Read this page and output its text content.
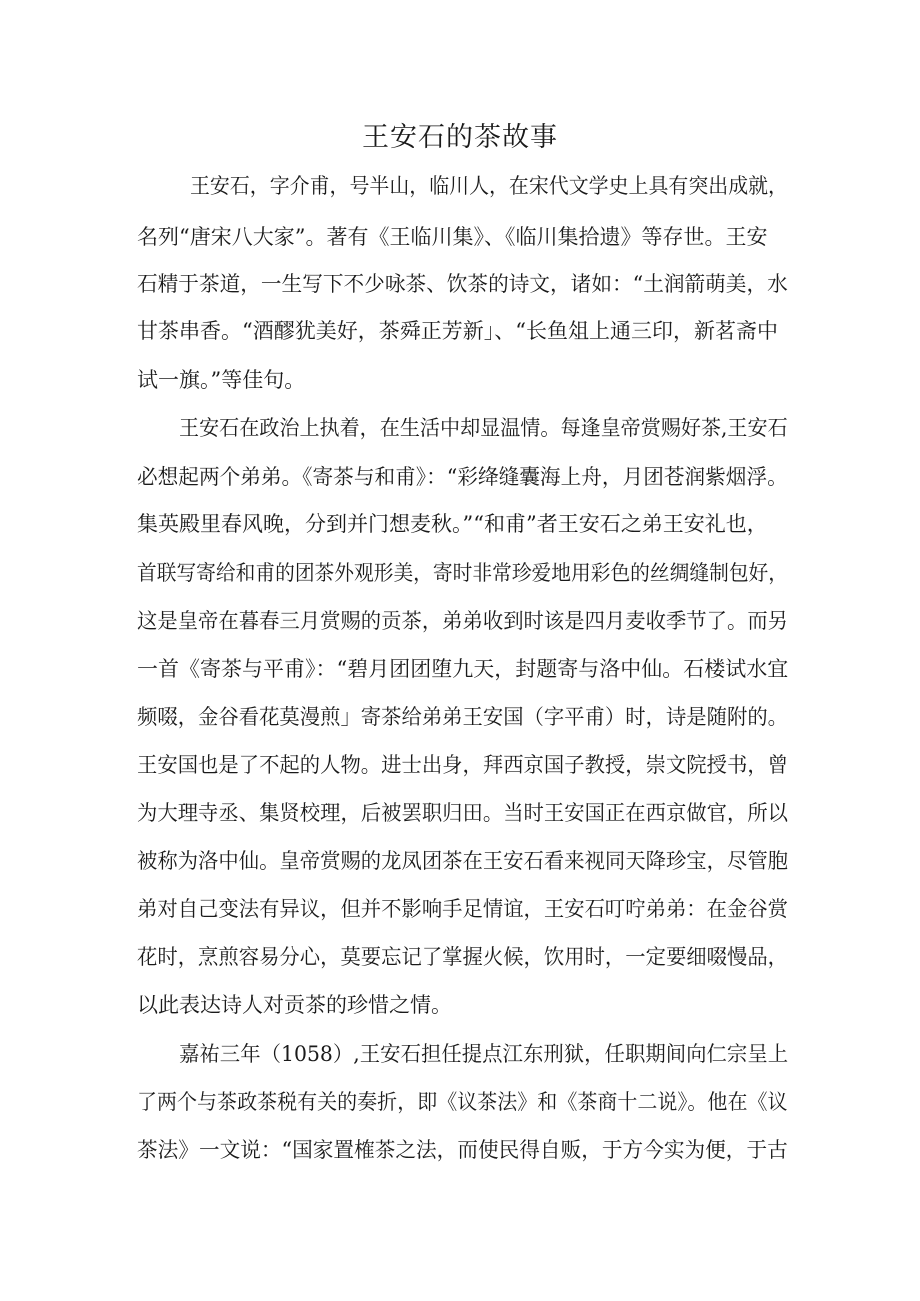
王安石的茶故事
王安石，字介甫，号半山，临川人，在宋代文学史上具有突出成就，
名列“唐宋八大家”。著有《王临川集》、《临川集拾遗》等存世。王安
石精于茶道，一生写下不少咏茶、饮茶的诗文，诸如：“土润箭萌美，水
甘茶串香。“酒醪犹美好，茶舜正芳新」、“长鱼俎上通三印，新茗斋中
试一旗。”等佳句。
王安石在政治上执着，在生活中却显温情。每逢皇帝赏赐好茶,王安石
必想起两个弟弟。《寄茶与和甫》：“彩绛缝囊海上舟，月团苍润紫烟浮。
集英殿里春风晚，分到并门想麦秋。”“和甫”者王安石之弟王安礼也，
首联写寄给和甫的团茶外观形美，寄时非常珍爱地用彩色的丝绸缝制包好，
这是皇帝在暮春三月赏赐的贡茶，弟弟收到时该是四月麦收季节了。而另
一首《寄茶与平甫》：“碧月团团堕九天，封题寄与洛中仙。石楼试水宜
频啜，金谷看花莫漫煎」寄茶给弟弟王安国（字平甫）时，诗是随附的。
王安国也是了不起的人物。进士出身，拜西京国子教授，崇文院授书，曾
为大理寺丞、集贤校理，后被罢职归田。当时王安国正在西京做官，所以
被称为洛中仙。皇帝赏赐的龙凤团茶在王安石看来视同天降珍宝，尽管胞
弟对自己变法有异议，但并不影响手足情谊，王安石叮咛弟弟：在金谷赏
花时，烹煎容易分心，莫要忘记了掌握火候，饮用时，一定要细啜慢品，
以此表达诗人对贡茶的珍惜之情。
嘉祐三年（1058）,王安石担任提点江东刑狱，任职期间向仁宗呈上
了两个与茶政茶税有关的奏折，即《议茶法》和《茶商十二说》。他在《议
茶法》一文说：“国家置榷茶之法，而使民得自贩，于方今实为便，于古
